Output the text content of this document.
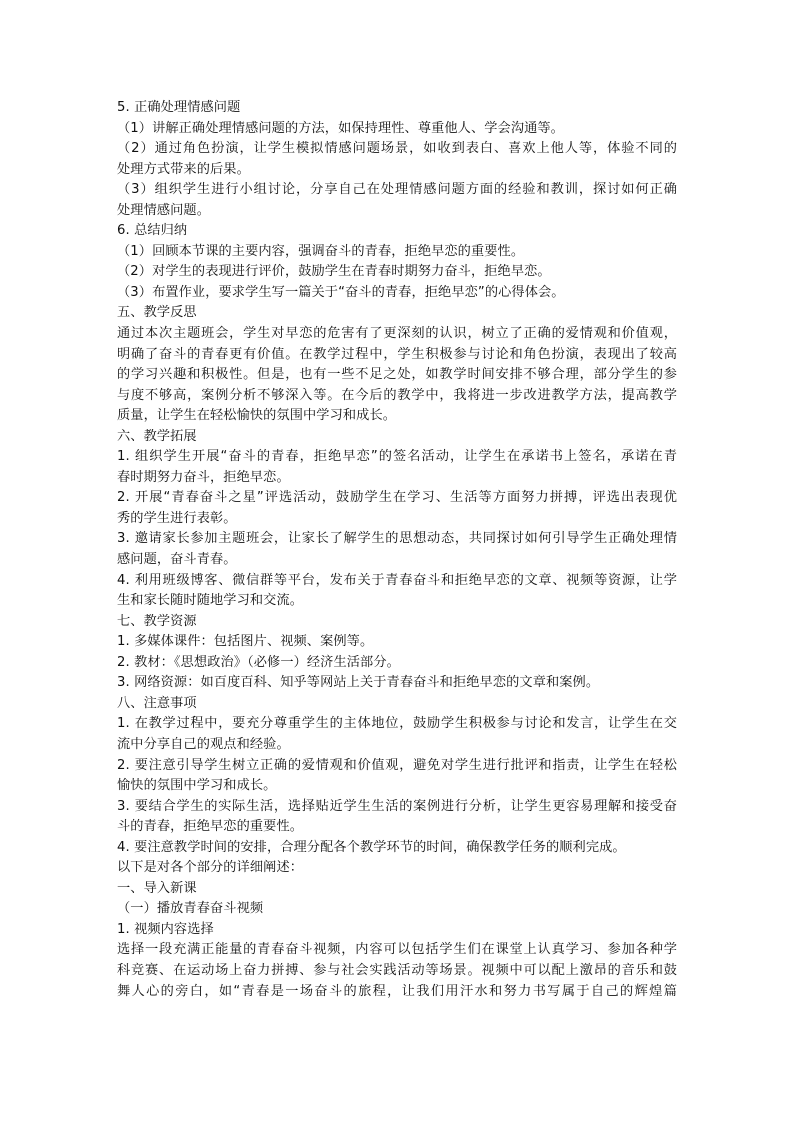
5. 正确处理情感问题
（1）讲解正确处理情感问题的方法，如保持理性、尊重他人、学会沟通等。
（2）通过角色扮演，让学生模拟情感问题场景，如收到表白、喜欢上他人等，体验不同的
处理方式带来的后果。
（3）组织学生进行小组讨论，分享自己在处理情感问题方面的经验和教训，探讨如何正确
处理情感问题。
6. 总结归纳
（1）回顾本节课的主要内容，强调奋斗的青春，拒绝早恋的重要性。
（2）对学生的表现进行评价，鼓励学生在青春时期努力奋斗，拒绝早恋。
（3）布置作业，要求学生写一篇关于“奋斗的青春，拒绝早恋”的心得体会。
五、教学反思
通过本次主题班会，学生对早恋的危害有了更深刻的认识，树立了正确的爱情观和价值观，
明确了奋斗的青春更有价值。在教学过程中，学生积极参与讨论和角色扮演，表现出了较高
的学习兴趣和积极性。但是，也有一些不足之处，如教学时间安排不够合理，部分学生的参
与度不够高，案例分析不够深入等。在今后的教学中，我将进一步改进教学方法，提高教学
质量，让学生在轻松愉快的氛围中学习和成长。
六、教学拓展
1. 组织学生开展“奋斗的青春，拒绝早恋”的签名活动，让学生在承诺书上签名，承诺在青
春时期努力奋斗，拒绝早恋。
2. 开展“青春奋斗之星”评选活动，鼓励学生在学习、生活等方面努力拼搏，评选出表现优
秀的学生进行表彰。
3. 邀请家长参加主题班会，让家长了解学生的思想动态，共同探讨如何引导学生正确处理情
感问题，奋斗青春。
4. 利用班级博客、微信群等平台，发布关于青春奋斗和拒绝早恋的文章、视频等资源，让学
生和家长随时随地学习和交流。
七、教学资源
1. 多媒体课件：包括图片、视频、案例等。
2. 教材：《思想政治》（必修一）经济生活部分。
3. 网络资源：如百度百科、知乎等网站上关于青春奋斗和拒绝早恋的文章和案例。
八、注意事项
1. 在教学过程中，要充分尊重学生的主体地位，鼓励学生积极参与讨论和发言，让学生在交
流中分享自己的观点和经验。
2. 要注意引导学生树立正确的爱情观和价值观，避免对学生进行批评和指责，让学生在轻松
愉快的氛围中学习和成长。
3. 要结合学生的实际生活，选择贴近学生生活的案例进行分析，让学生更容易理解和接受奋
斗的青春，拒绝早恋的重要性。
4. 要注意教学时间的安排，合理分配各个教学环节的时间，确保教学任务的顺利完成。
以下是对各个部分的详细阐述：
一、导入新课
（一）播放青春奋斗视频
1. 视频内容选择
选择一段充满正能量的青春奋斗视频，内容可以包括学生们在课堂上认真学习、参加各种学
科竞赛、在运动场上奋力拼搏、参与社会实践活动等场景。视频中可以配上激昂的音乐和鼓
舞人心的旁白，如“青春是一场奋斗的旅程，让我们用汗水和努力书写属于自己的辉煌篇
